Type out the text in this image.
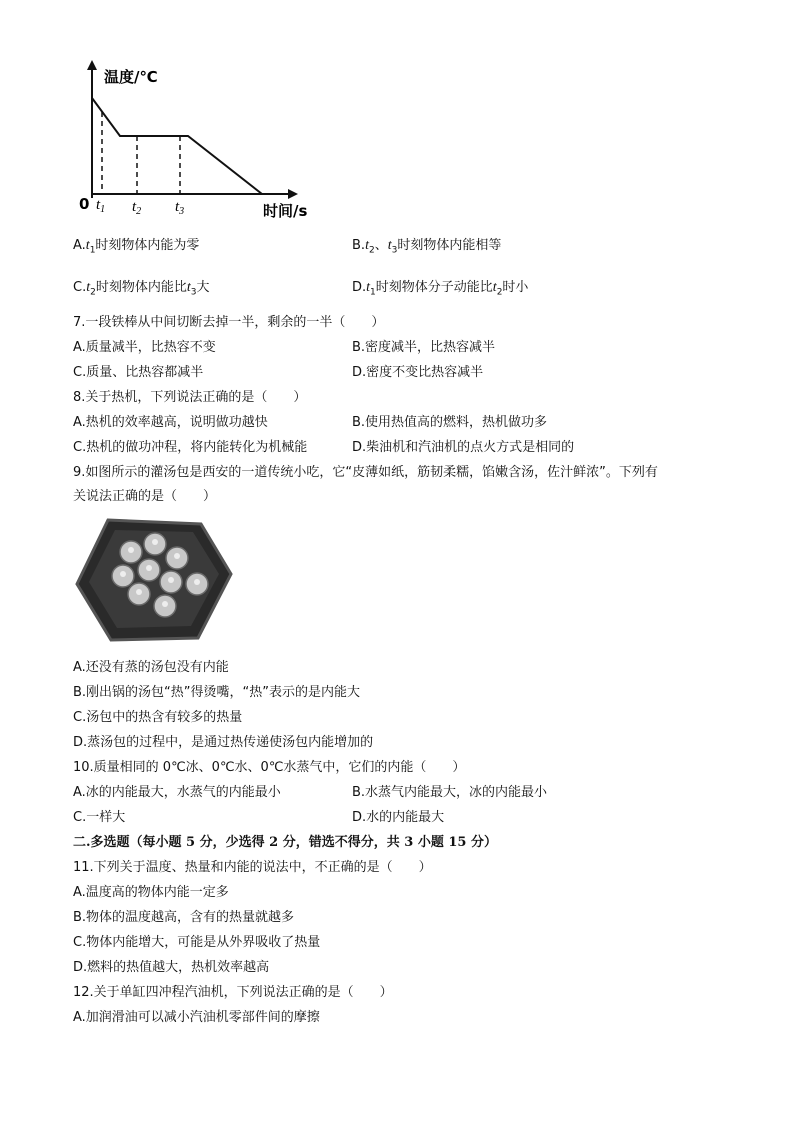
温度/℃
时间/s
0 $t_1$ $t_2$ $t_3$
$A.t_1$时刻物体内能为零	$B.t_2$、$t_3$时刻物体内能相等
$C.t_2$时刻物体内能比$t_3$大	$D.t_1$时刻物体分子动能比$t_2$时小
7.一段铁棒从中间切断去掉一半，剩余的一半（　　）
A.质量减半，比热容不变	B.密度减半，比热容减半
C.质量、比热容都减半	D.密度不变比热容减半
8.关于热机，下列说法正确的是（　　）
A.热机的效率越高，说明做功越快	B.使用热值高的燃料，热机做功多
C.热机的做功冲程，将内能转化为机械能	D.柴油机和汽油机的点火方式是相同的
9.如图所示的灌汤包是西安的一道传统小吃，它“皮薄如纸，筋韧柔糯，馅嫩含汤，佐汁鲜浓”。下列有
关说法正确的是（　　）
A.还没有蒸的汤包没有内能
B.刚出锅的汤包“热”得烫嘴，“热”表示的是内能大
C.汤包中的热含有较多的热量
D.蒸汤包的过程中，是通过热传递使汤包内能增加的
10.质量相同的 0℃冰、0℃水、0℃水蒸气中，它们的内能（　　）
A.冰的内能最大，水蒸气的内能最小	B.水蒸气内能最大，冰的内能最小
C.一样大	D.水的内能最大
二.多选题（每小题 5 分，少选得 2 分，错选不得分，共 3 小题 15 分）
11.下列关于温度、热量和内能的说法中，不正确的是（　　）
A.温度高的物体内能一定多
B.物体的温度越高，含有的热量就越多
C.物体内能增大，可能是从外界吸收了热量
D.燃料的热值越大，热机效率越高
12.关于单缸四冲程汽油机，下列说法正确的是（　　）
A.加润滑油可以减小汽油机零部件间的摩擦
